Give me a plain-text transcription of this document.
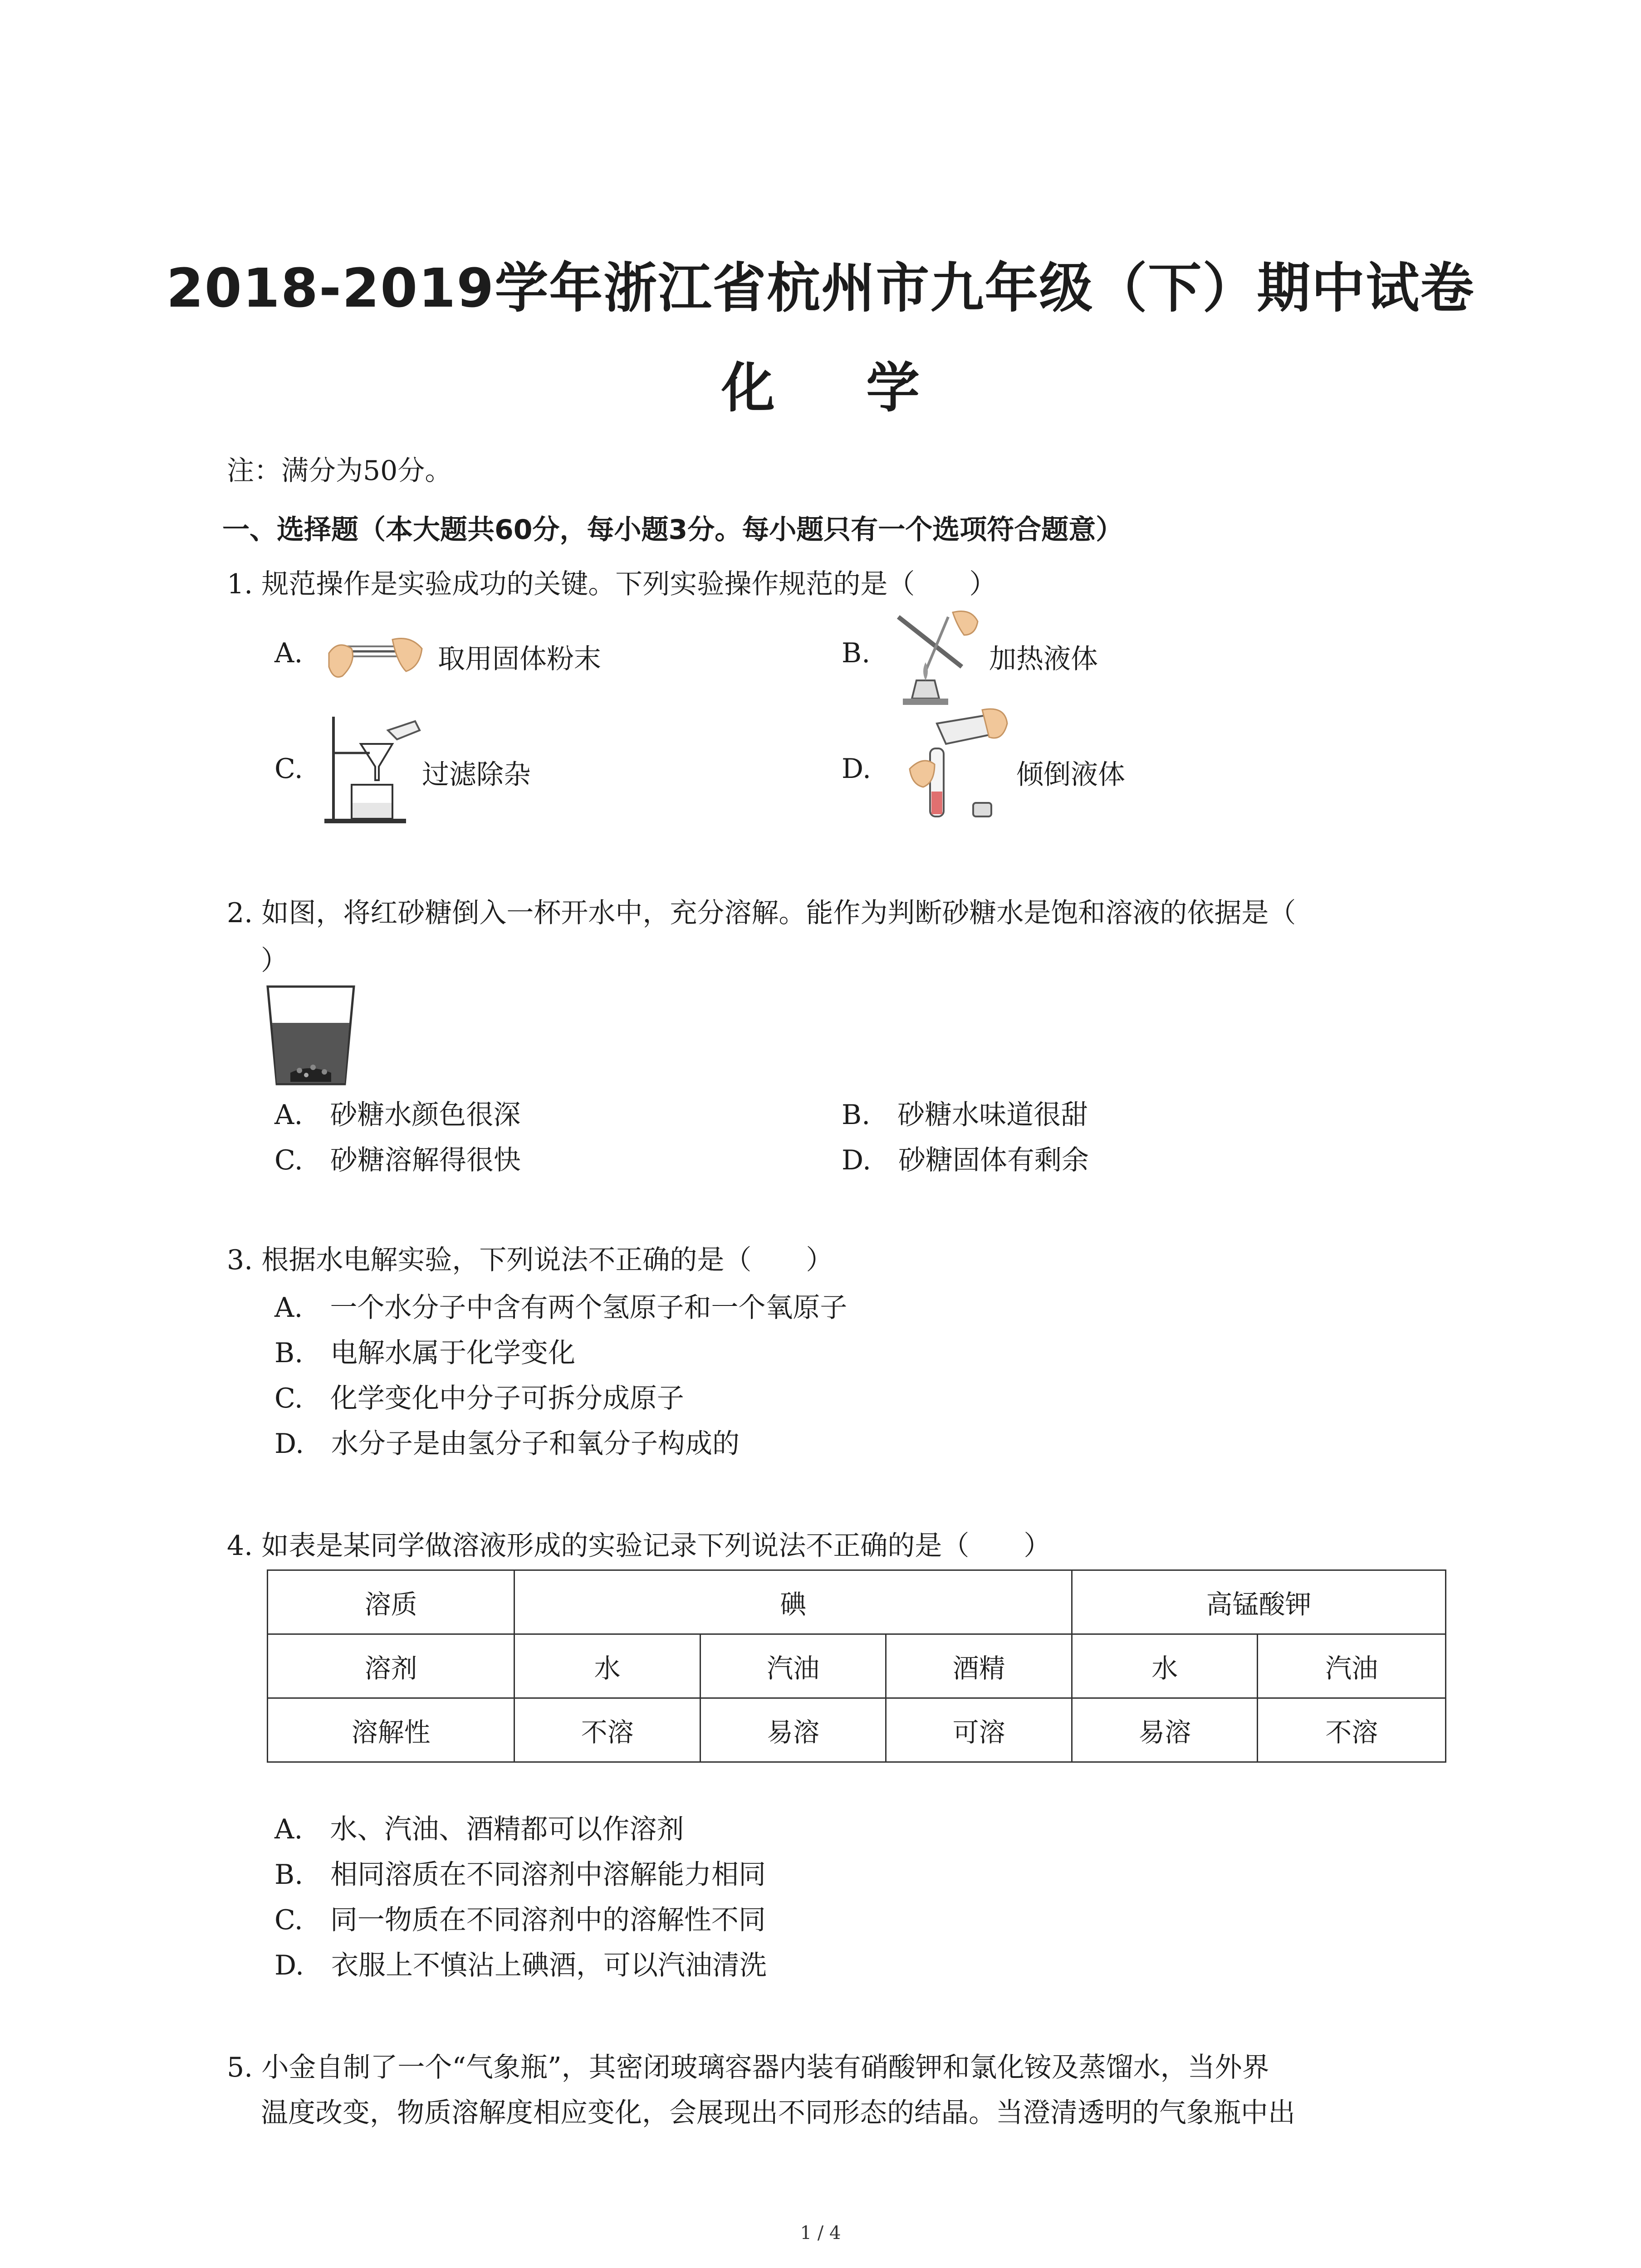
2018-2019学年浙江省杭州市九年级（下）期中试卷
化 学
注：满分为50分。
一、选择题（本大题共60分，每小题3分。每小题只有一个选项符合题意）
1. 规范操作是实验成功的关键。下列实验操作规范的是（　　）
A.	取用固体粉末	B.	加热液体
C.	过滤除杂	D.	倾倒液体
2. 如图，将红砂糖倒入一杯开水中，充分溶解。能作为判断砂糖水是饱和溶液的依据是（
）
A.　砂糖水颜色很深	B.　砂糖水味道很甜
C.　砂糖溶解得很快	D.　砂糖固体有剩余
3. 根据水电解实验，下列说法不正确的是（　　）
A.　一个水分子中含有两个氢原子和一个氧原子
B.　电解水属于化学变化
C.　化学变化中分子可拆分成原子
D.　水分子是由氢分子和氧分子构成的
4. 如表是某同学做溶液形成的实验记录下列说法不正确的是（　　）
溶质	碘			高锰酸钾	
溶剂	水	汽油	酒精	水	汽油
溶解性	不溶	易溶	可溶	易溶	不溶
A.　水、汽油、酒精都可以作溶剂
B.　相同溶质在不同溶剂中溶解能力相同
C.　同一物质在不同溶剂中的溶解性不同
D.　衣服上不慎沾上碘酒，可以汽油清洗
5. 小金自制了一个“气象瓶”，其密闭玻璃容器内装有硝酸钾和氯化铵及蒸馏水，当外界
温度改变，物质溶解度相应变化，会展现出不同形态的结晶。当澄清透明的气象瓶中出
1 / 4
